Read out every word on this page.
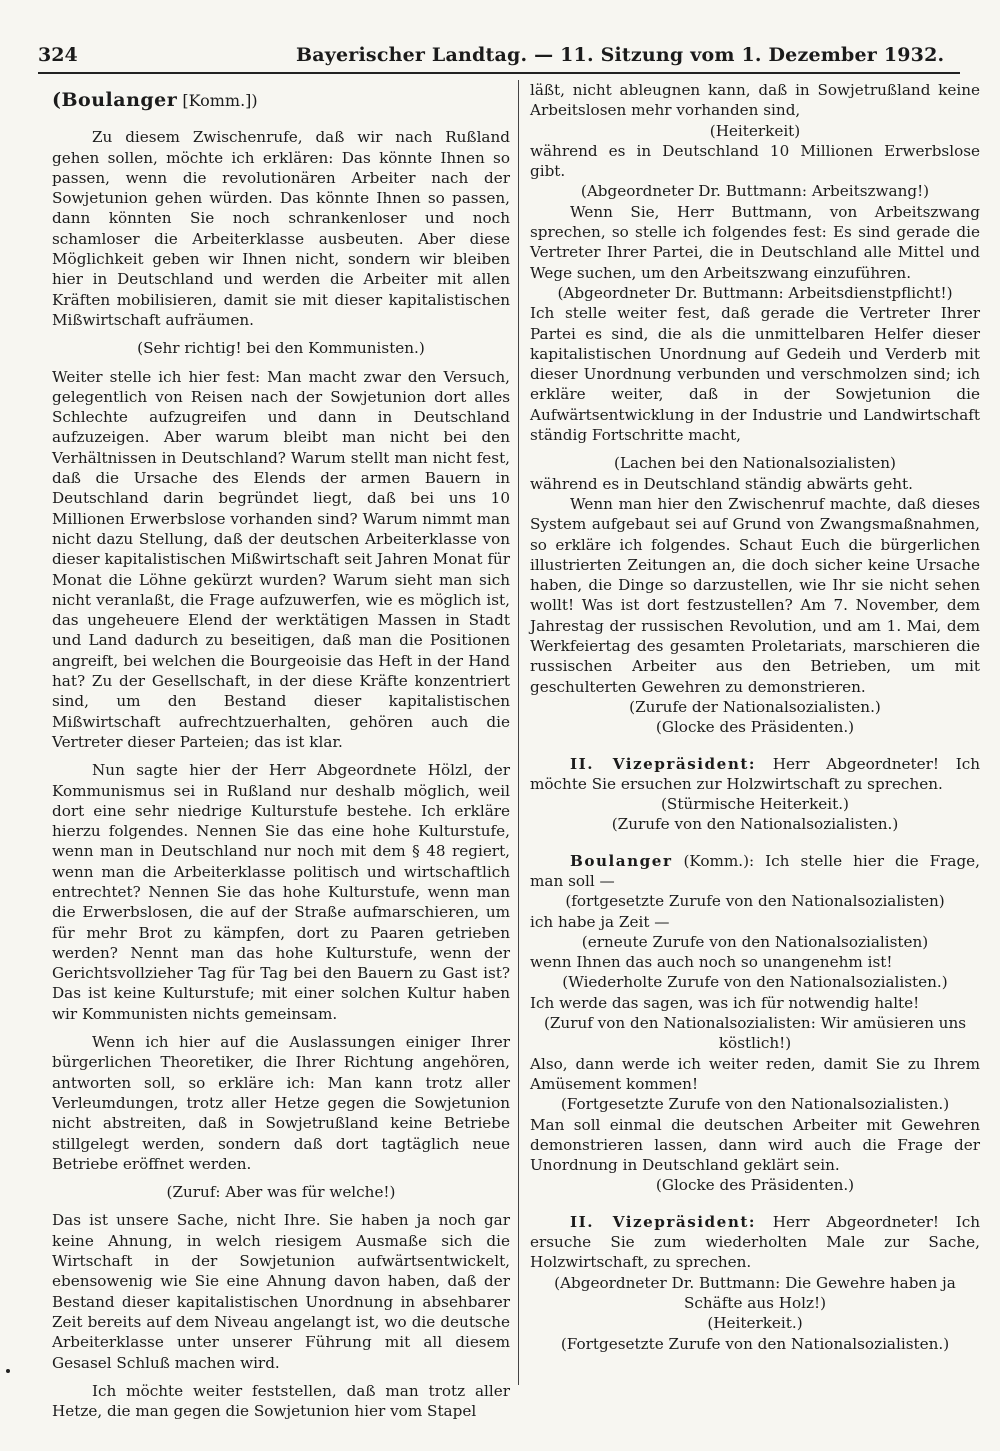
324	Bayerischer Landtag. — 11. Sitzung vom 1. Dezember 1932.
(Boulanger [Komm.])

Zu diesem Zwischenrufe, daß wir nach Rußland gehen sollen, möchte ich erklären: Das könnte Ihnen so passen, wenn die revolutionären Arbeiter nach der Sowjetunion gehen würden. Das könnte Ihnen so passen, dann könnten Sie noch schrankenloser und noch schamloser die Arbeiterklasse ausbeuten. Aber diese Möglichkeit geben wir Ihnen nicht, sondern wir bleiben hier in Deutschland und werden die Arbeiter mit allen Kräften mobilisieren, damit sie mit dieser kapitalistischen Mißwirtschaft aufräumen.

(Sehr richtig! bei den Kommunisten.)

Weiter stelle ich hier fest: Man macht zwar den Versuch, gelegentlich von Reisen nach der Sowjetunion dort alles Schlechte aufzugreifen und dann in Deutschland aufzuzeigen. Aber warum bleibt man nicht bei den Verhältnissen in Deutschland? Warum stellt man nicht fest, daß die Ursache des Elends der armen Bauern in Deutschland darin begründet liegt, daß bei uns 10 Millionen Erwerbslose vorhanden sind? Warum nimmt man nicht dazu Stellung, daß der deutschen Arbeiterklasse von dieser kapitalistischen Mißwirtschaft seit Jahren Monat für Monat die Löhne gekürzt wurden? Warum sieht man sich nicht veranlaßt, die Frage aufzuwerfen, wie es möglich ist, das ungeheuere Elend der werktätigen Massen in Stadt und Land dadurch zu beseitigen, daß man die Positionen angreift, bei welchen die Bourgeoisie das Heft in der Hand hat? Zu der Gesellschaft, in der diese Kräfte konzentriert sind, um den Bestand dieser kapitalistischen Mißwirtschaft aufrechtzuerhalten, gehören auch die Vertreter dieser Parteien; das ist klar.

Nun sagte hier der Herr Abgeordnete Hölzl, der Kommunismus sei in Rußland nur deshalb möglich, weil dort eine sehr niedrige Kulturstufe bestehe. Ich erkläre hierzu folgendes. Nennen Sie das eine hohe Kulturstufe, wenn man in Deutschland nur noch mit dem § 48 regiert, wenn man die Arbeiterklasse politisch und wirtschaftlich entrechtet? Nennen Sie das hohe Kulturstufe, wenn man die Erwerbslosen, die auf der Straße aufmarschieren, um für mehr Brot zu kämpfen, dort zu Paaren getrieben werden? Nennt man das hohe Kulturstufe, wenn der Gerichtsvollzieher Tag für Tag bei den Bauern zu Gast ist? Das ist keine Kulturstufe; mit einer solchen Kultur haben wir Kommunisten nichts gemeinsam.

Wenn ich hier auf die Auslassungen einiger Ihrer bürgerlichen Theoretiker, die Ihrer Richtung angehören, antworten soll, so erkläre ich: Man kann trotz aller Verleumdungen, trotz aller Hetze gegen die Sowjetunion nicht abstreiten, daß in Sowjetrußland keine Betriebe stillgelegt werden, sondern daß dort tagtäglich neue Betriebe eröffnet werden.

(Zuruf: Aber was für welche!)

Das ist unsere Sache, nicht Ihre. Sie haben ja noch gar keine Ahnung, in welch riesigem Ausmaße sich die Wirtschaft in der Sowjetunion aufwärtsentwickelt, ebensowenig wie Sie eine Ahnung davon haben, daß der Bestand dieser kapitalistischen Unordnung in absehbarer Zeit bereits auf dem Niveau angelangt ist, wo die deutsche Arbeiterklasse unter unserer Führung mit all diesem Gesasel Schluß machen wird.

Ich möchte weiter feststellen, daß man trotz aller Hetze, die man gegen die Sowjetunion hier vom Stapel

läßt, nicht ableugnen kann, daß in Sowjetrußland keine Arbeitslosen mehr vorhanden sind,

(Heiterkeit)

während es in Deutschland 10 Millionen Erwerbslose gibt.

(Abgeordneter Dr. Buttmann: Arbeitszwang!)

Wenn Sie, Herr Buttmann, von Arbeitszwang sprechen, so stelle ich folgendes fest: Es sind gerade die Vertreter Ihrer Partei, die in Deutschland alle Mittel und Wege suchen, um den Arbeitszwang einzuführen.

(Abgeordneter Dr. Buttmann: Arbeitsdienstpflicht!)

Ich stelle weiter fest, daß gerade die Vertreter Ihrer Partei es sind, die als die unmittelbaren Helfer dieser kapitalistischen Unordnung auf Gedeih und Verderb mit dieser Unordnung verbunden und verschmolzen sind; ich erkläre weiter, daß in der Sowjetunion die Aufwärtsentwicklung in der Industrie und Landwirtschaft ständig Fortschritte macht,

(Lachen bei den Nationalsozialisten)

während es in Deutschland ständig abwärts geht.

Wenn man hier den Zwischenruf machte, daß dieses System aufgebaut sei auf Grund von Zwangsmaßnahmen, so erkläre ich folgendes. Schaut Euch die bürgerlichen illustrierten Zeitungen an, die doch sicher keine Ursache haben, die Dinge so darzustellen, wie Ihr sie nicht sehen wollt! Was ist dort festzustellen? Am 7. November, dem Jahrestag der russischen Revolution, und am 1. Mai, dem Werkfeiertag des gesamten Proletariats, marschieren die russischen Arbeiter aus den Betrieben, um mit geschulterten Gewehren zu demonstrieren.

(Zurufe der Nationalsozialisten.)

(Glocke des Präsidenten.)

II. Vizepräsident: Herr Abgeordneter! Ich möchte Sie ersuchen zur Holzwirtschaft zu sprechen.

(Stürmische Heiterkeit.)

(Zurufe von den Nationalsozialisten.)

Boulanger (Komm.): Ich stelle hier die Frage, man soll —

(fortgesetzte Zurufe von den Nationalsozialisten)

ich habe ja Zeit —

(erneute Zurufe von den Nationalsozialisten)

wenn Ihnen das auch noch so unangenehm ist!

(Wiederholte Zurufe von den Nationalsozialisten.)

Ich werde das sagen, was ich für notwendig halte!

(Zuruf von den Nationalsozialisten: Wir amüsieren uns köstlich!)

Also, dann werde ich weiter reden, damit Sie zu Ihrem Amüsement kommen!

(Fortgesetzte Zurufe von den Nationalsozialisten.)

Man soll einmal die deutschen Arbeiter mit Gewehren demonstrieren lassen, dann wird auch die Frage der Unordnung in Deutschland geklärt sein.

(Glocke des Präsidenten.)

II. Vizepräsident: Herr Abgeordneter! Ich ersuche Sie zum wiederholten Male zur Sache, Holzwirtschaft, zu sprechen.

(Abgeordneter Dr. Buttmann: Die Gewehre haben ja Schäfte aus Holz!)

(Heiterkeit.)

(Fortgesetzte Zurufe von den Nationalsozialisten.)
